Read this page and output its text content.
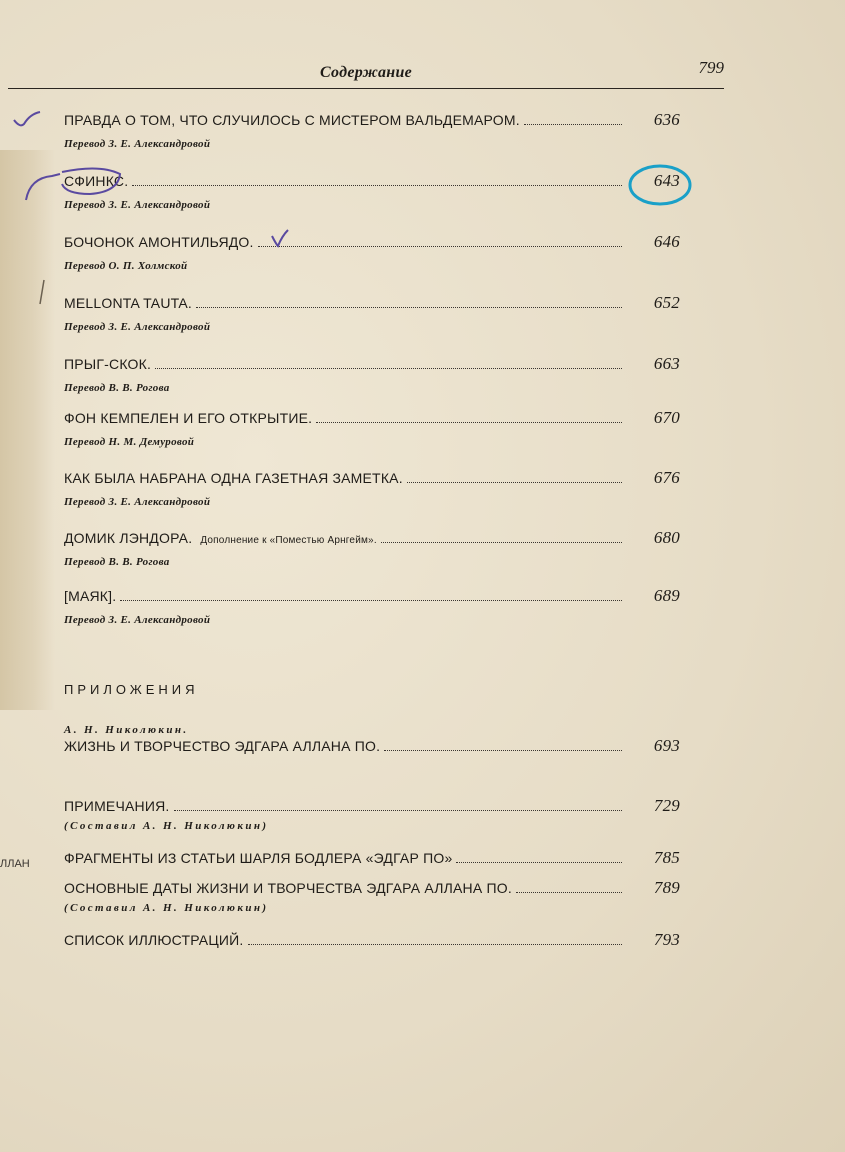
ЛЛАН
Содержание	799
ПРАВДА О ТОМ, ЧТО СЛУЧИЛОСЬ С МИСТЕРОМ ВАЛЬДЕМАРОМ.	636
Перевод З. Е. Александровой
СФИНКС.	643
Перевод З. Е. Александровой
БОЧОНОК АМОНТИЛЬЯДО.	646
Перевод О. П. Холмской
MELLONTA TAUTA.	652
Перевод З. Е. Александровой
ПРЫГ-СКОК.	663
Перевод В. В. Рогова
ФОН КЕМПЕЛЕН И ЕГО ОТКРЫТИЕ.	670
Перевод Н. М. Демуровой
КАК БЫЛА НАБРАНА ОДНА ГАЗЕТНАЯ ЗАМЕТКА.	676
Перевод З. Е. Александровой
ДОМИК ЛЭНДОРА. Дополнение к «Поместью Арнгейм».	680
Перевод В. В. Рогова
[МАЯК].	689
Перевод З. Е. Александровой
ПРИЛОЖЕНИЯ
А. Н. Николюкин.
ЖИЗНЬ И ТВОРЧЕСТВО ЭДГАРА АЛЛАНА ПО.	693
ПРИМЕЧАНИЯ.	729
(Составил А. Н. Николюкин)
ФРАГМЕНТЫ ИЗ СТАТЬИ ШАРЛЯ БОДЛЕРА «ЭДГАР ПО»	785
ОСНОВНЫЕ ДАТЫ ЖИЗНИ И ТВОРЧЕСТВА ЭДГАРА АЛЛАНА ПО.	789
(Составил А. Н. Николюкин)
СПИСОК ИЛЛЮСТРАЦИЙ.	793
